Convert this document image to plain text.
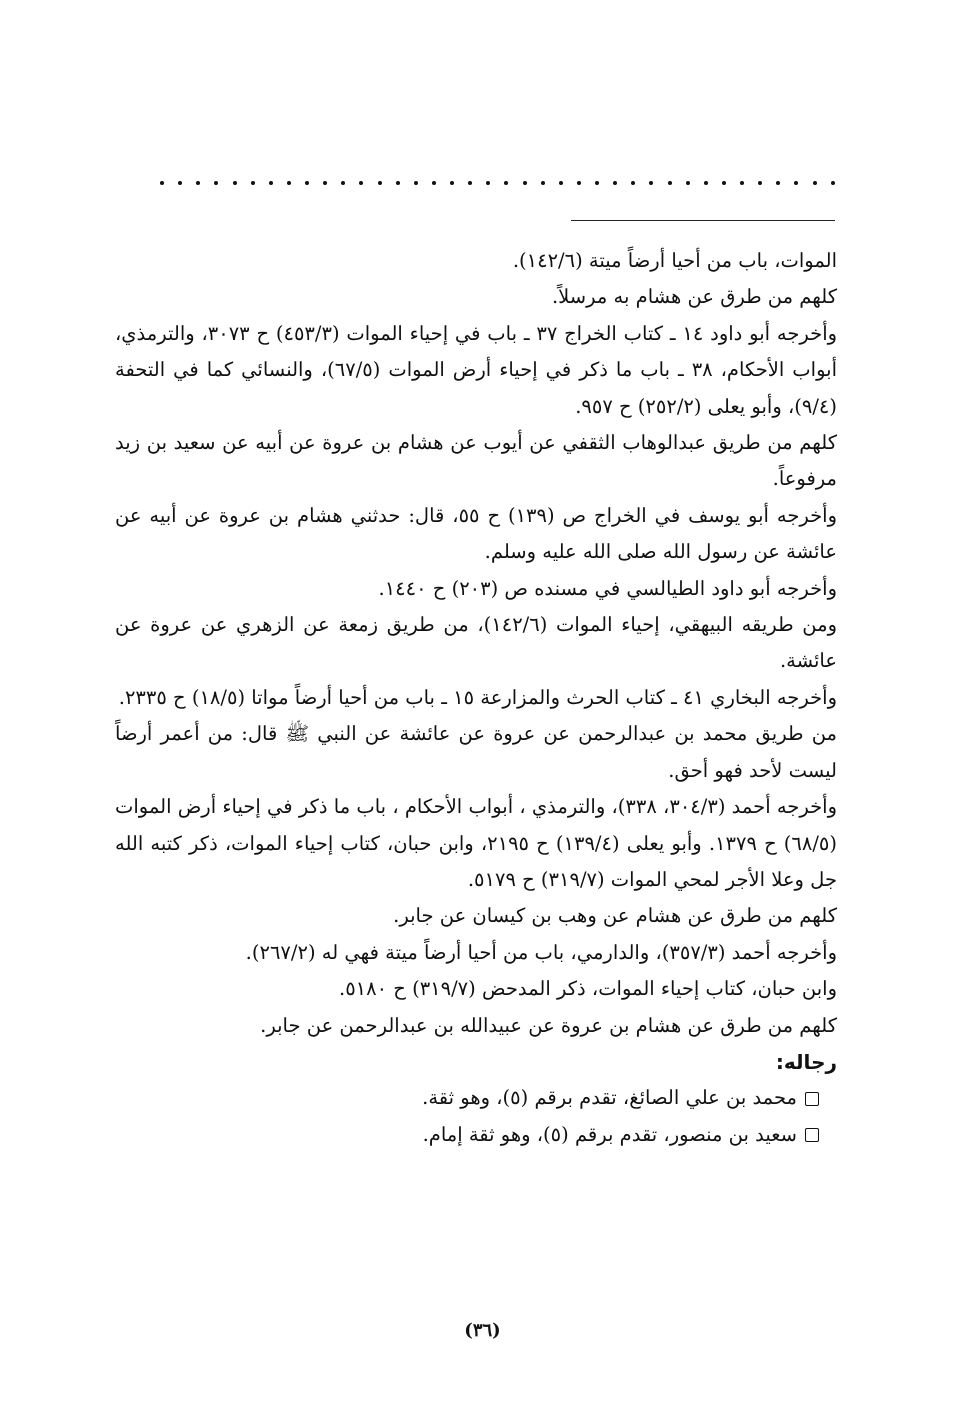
الموات، باب من أحيا أرضاً ميتة (١٤٢/٦).

كلهم من طرق عن هشام به مرسلاً.

وأخرجه أبو داود ١٤ ـ كتاب الخراج ٣٧ ـ باب في إحياء الموات (٤٥٣/٣) ح ٣٠٧٣، والترمذي، أبواب الأحكام، ٣٨ ـ باب ما ذكر في إحياء أرض الموات (٦٧/٥)، والنسائي كما في التحفة (٩/٤)، وأبو يعلى (٢٥٢/٢) ح ٩٥٧.

كلهم من طريق عبدالوهاب الثقفي عن أيوب عن هشام بن عروة عن أبيه عن سعيد بن زيد مرفوعاً.

وأخرجه أبو يوسف في الخراج ص (١٣٩) ح ٥٥، قال: حدثني هشام بن عروة عن أبيه عن عائشة عن رسول الله صلى الله عليه وسلم.

وأخرجه أبو داود الطيالسي في مسنده ص (٢٠٣) ح ١٤٤٠.

ومن طريقه البيهقي، إحياء الموات (١٤٢/٦)، من طريق زمعة عن الزهري عن عروة عن عائشة.

وأخرجه البخاري ٤١ ـ كتاب الحرث والمزارعة ١٥ ـ باب من أحيا أرضاً مواتا (١٨/٥) ح ٢٣٣٥.

من طريق محمد بن عبدالرحمن عن عروة عن عائشة عن النبي ﷺ قال: من أعمر أرضاً ليست لأحد فهو أحق.

وأخرجه أحمد (٣٠٤/٣، ٣٣٨)، والترمذي ، أبواب الأحكام ، باب ما ذكر في إحياء أرض الموات (٦٨/٥) ح ١٣٧٩. وأبو يعلى (١٣٩/٤) ح ٢١٩٥، وابن حبان، كتاب إحياء الموات، ذكر كتبه الله جل وعلا الأجر لمحي الموات (٣١٩/٧) ح ٥١٧٩.

كلهم من طرق عن هشام عن وهب بن كيسان عن جابر.

وأخرجه أحمد (٣٥٧/٣)، والدارمي، باب من أحيا أرضاً ميتة فهي له (٢٦٧/٢).

وابن حبان، كتاب إحياء الموات، ذكر المدحض (٣١٩/٧) ح ٥١٨٠.

كلهم من طرق عن هشام بن عروة عن عبيدالله بن عبدالرحمن عن جابر.

رجاله:

محمد بن علي الصائغ، تقدم برقم (٥)، وهو ثقة.
سعيد بن منصور، تقدم برقم (٥)، وهو ثقة إمام.
(٣٦)
